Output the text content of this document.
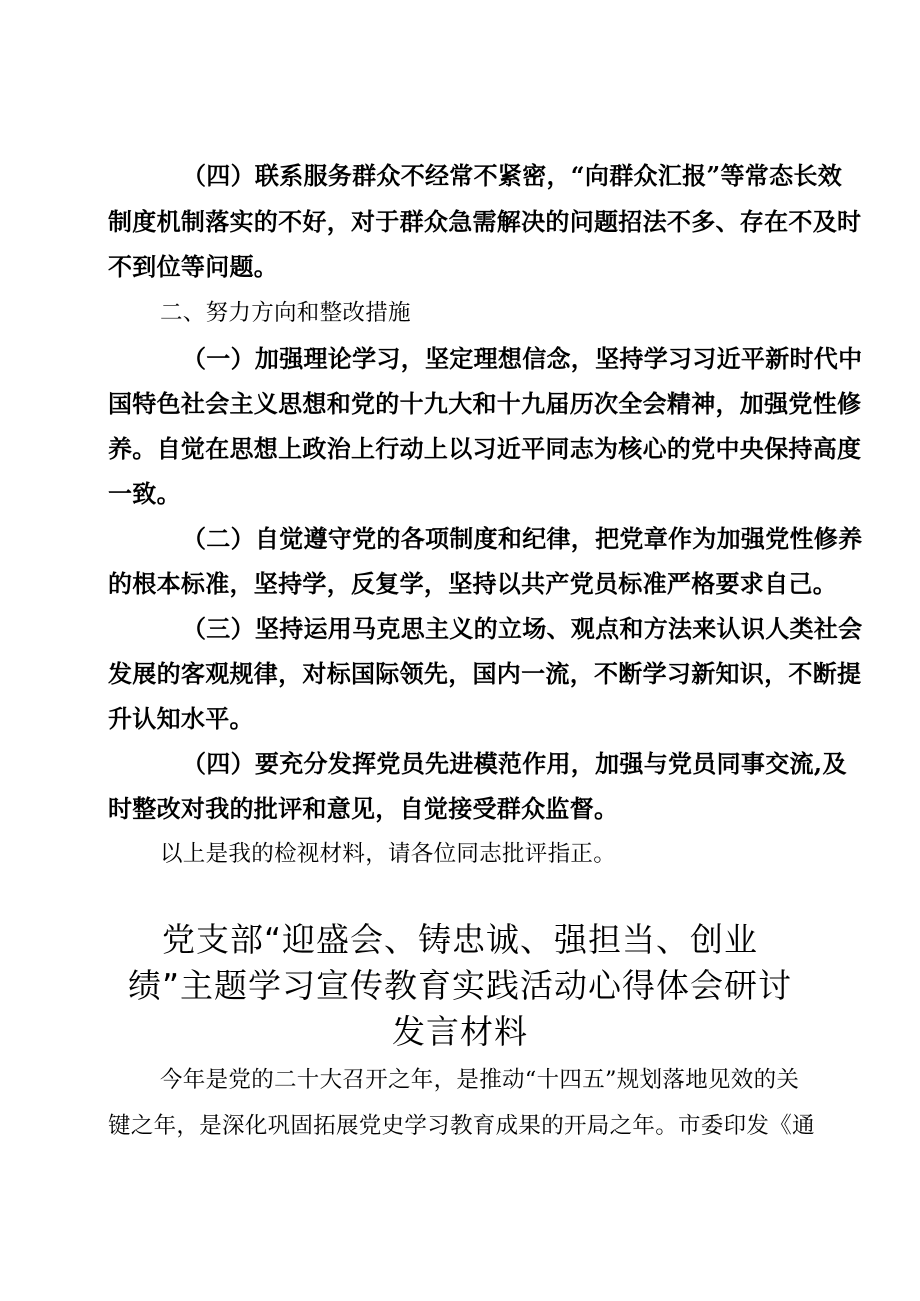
（四）联系服务群众不经常不紧密，“向群众汇报”等常态长效
制度机制落实的不好，对于群众急需解决的问题招法不多、存在不及时
不到位等问题。
二、努力方向和整改措施
（一）加强理论学习，坚定理想信念，坚持学习习近平新时代中
国特色社会主义思想和党的十九大和十九届历次全会精神，加强党性修
养。自觉在思想上政治上行动上以习近平同志为核心的党中央保持高度
一致。
（二）自觉遵守党的各项制度和纪律，把党章作为加强党性修养
的根本标准，坚持学，反复学，坚持以共产党员标准严格要求自己。
（三）坚持运用马克思主义的立场、观点和方法来认识人类社会
发展的客观规律，对标国际领先，国内一流，不断学习新知识，不断提
升认知水平。
（四）要充分发挥党员先进模范作用，加强与党员同事交流,及
时整改对我的批评和意见，自觉接受群众监督。
以上是我的检视材料，请各位同志批评指正。
党支部“迎盛会、铸忠诚、强担当、创业
绩”主题学习宣传教育实践活动心得体会研讨
发言材料
今年是党的二十大召开之年，是推动“十四五”规划落地见效的关
键之年，是深化巩固拓展党史学习教育成果的开局之年。市委印发《通
